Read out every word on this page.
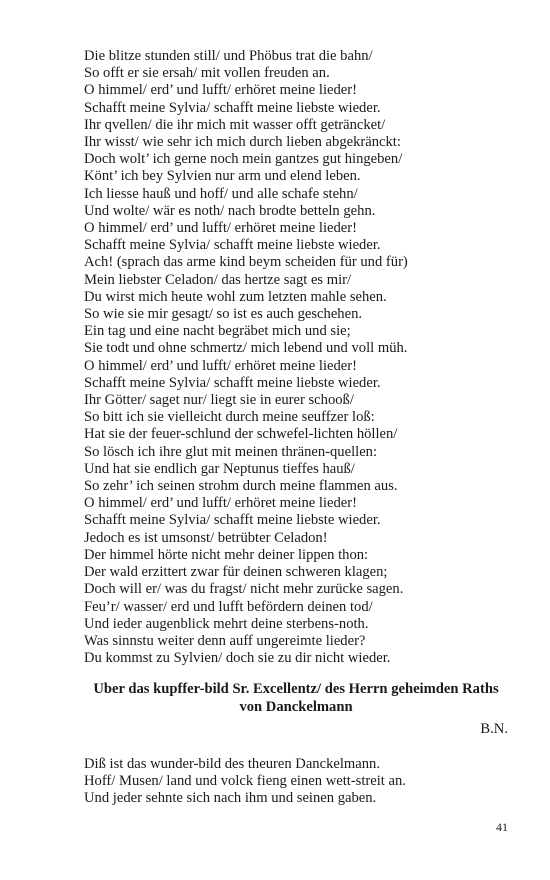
Die blitze stunden still/ und Phöbus trat die bahn/
So offt er sie ersah/ mit vollen freuden an.
O himmel/ erd’ und lufft/ erhöret meine lieder!
Schafft meine Sylvia/ schafft meine liebste wieder.
Ihr qvellen/ die ihr mich mit wasser offt geträncket/
Ihr wisst/ wie sehr ich mich durch lieben abgekränckt:
Doch wolt’ ich gerne noch mein gantzes gut hingeben/
Könt’ ich bey Sylvien nur arm und elend leben.
Ich liesse hauß und hoff/ und alle schafe stehn/
Und wolte/ wär es noth/ nach brodte betteln gehn.
O himmel/ erd’ und lufft/ erhöret meine lieder!
Schafft meine Sylvia/ schafft meine liebste wieder.
Ach! (sprach das arme kind beym scheiden für und für)
Mein liebster Celadon/ das hertze sagt es mir/
Du wirst mich heute wohl zum letzten mahle sehen.
So wie sie mir gesagt/ so ist es auch geschehen.
Ein tag und eine nacht begräbet mich und sie;
Sie todt und ohne schmertz/ mich lebend und voll müh.
O himmel/ erd’ und lufft/ erhöret meine lieder!
Schafft meine Sylvia/ schafft meine liebste wieder.
Ihr Götter/ saget nur/ liegt sie in eurer schooß/
So bitt ich sie vielleicht durch meine seuffzer loß:
Hat sie der feuer-schlund der schwefel-lichten höllen/
So lösch ich ihre glut mit meinen thränen-quellen:
Und hat sie endlich gar Neptunus tieffes hauß/
So zehr’ ich seinen strohm durch meine flammen aus.
O himmel/ erd’ und lufft/ erhöret meine lieder!
Schafft meine Sylvia/ schafft meine liebste wieder.
Jedoch es ist umsonst/ betrübter Celadon!
Der himmel hörte nicht mehr deiner lippen thon:
Der wald erzittert zwar für deinen schweren klagen;
Doch will er/ was du fragst/ nicht mehr zurücke sagen.
Feu’r/ wasser/ erd und lufft befördern deinen tod/
Und ieder augenblick mehrt deine sterbens-noth.
Was sinnstu weiter denn auff ungereimte lieder?
Du kommst zu Sylvien/ doch sie zu dir nicht wieder.
Uber das kupffer-bild Sr. Excellentz/ des Herrn geheimden Raths
von Danckelmann

B.N.

Diß ist das wunder-bild des theuren Danckelmann.
Hoff/ Musen/ land und volck fieng einen wett-streit an.
Und jeder sehnte sich nach ihm und seinen gaben.

41
